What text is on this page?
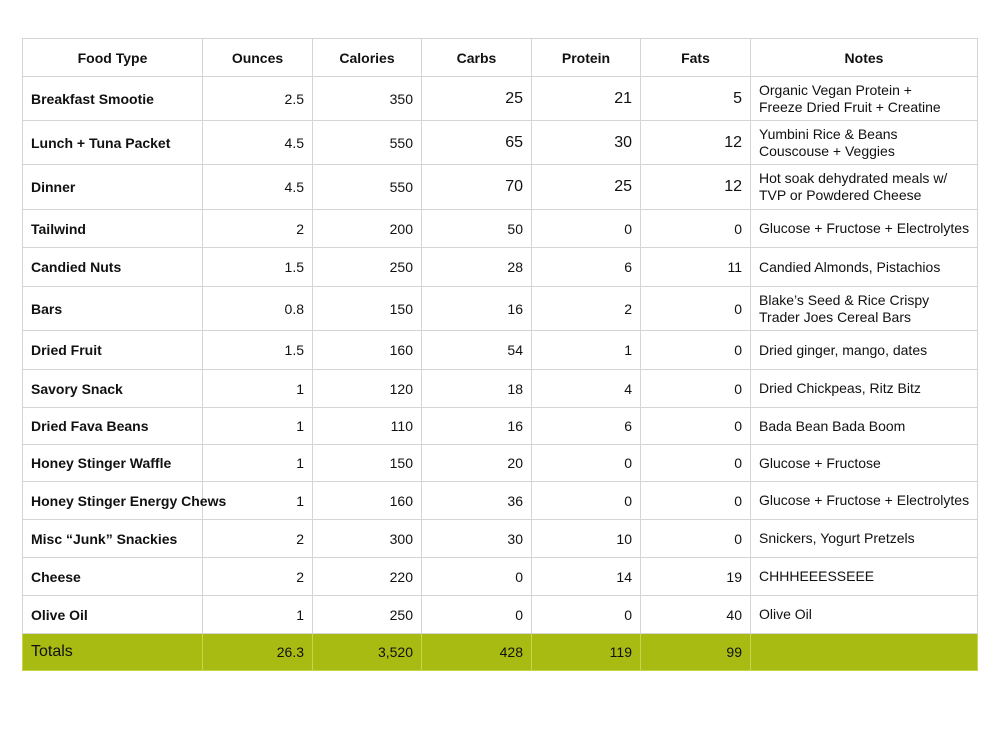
Food Type	Ounces	Calories	Carbs	Protein	Fats	Notes
Breakfast Smootie	2.5	350	25	21	5	Organic Vegan Protein +
Freeze Dried Fruit + Creatine

Lunch + Tuna Packet	4.5	550	65	30	12	Yumbini Rice & Beans
Couscouse + Veggies

Dinner	4.5	550	70	25	12	Hot soak dehydrated meals w/
TVP or Powdered Cheese

Tailwind	2	200	50	0	0	Glucose + Fructose + Electrolytes

Candied Nuts	1.5	250	28	6	11	Candied Almonds, Pistachios

Bars	0.8	150	16	2	0	Blake’s Seed & Rice Crispy
Trader Joes Cereal Bars

Dried Fruit	1.5	160	54	1	0	Dried ginger, mango, dates

Savory Snack	1	120	18	4	0	Dried Chickpeas, Ritz Bitz

Dried Fava Beans	1	110	16	6	0	Bada Bean Bada Boom

Honey Stinger Waffle	1	150	20	0	0	Glucose + Fructose

Honey Stinger Energy Chews	1	160	36	0	0	Glucose + Fructose + Electrolytes

Misc “Junk” Snackies	2	300	30	10	0	Snickers, Yogurt Pretzels

Cheese	2	220	0	14	19	CHHHEEESSEEE

Olive Oil	1	250	0	0	40	Olive Oil

Totals	26.3	3,520	428	119	99	
